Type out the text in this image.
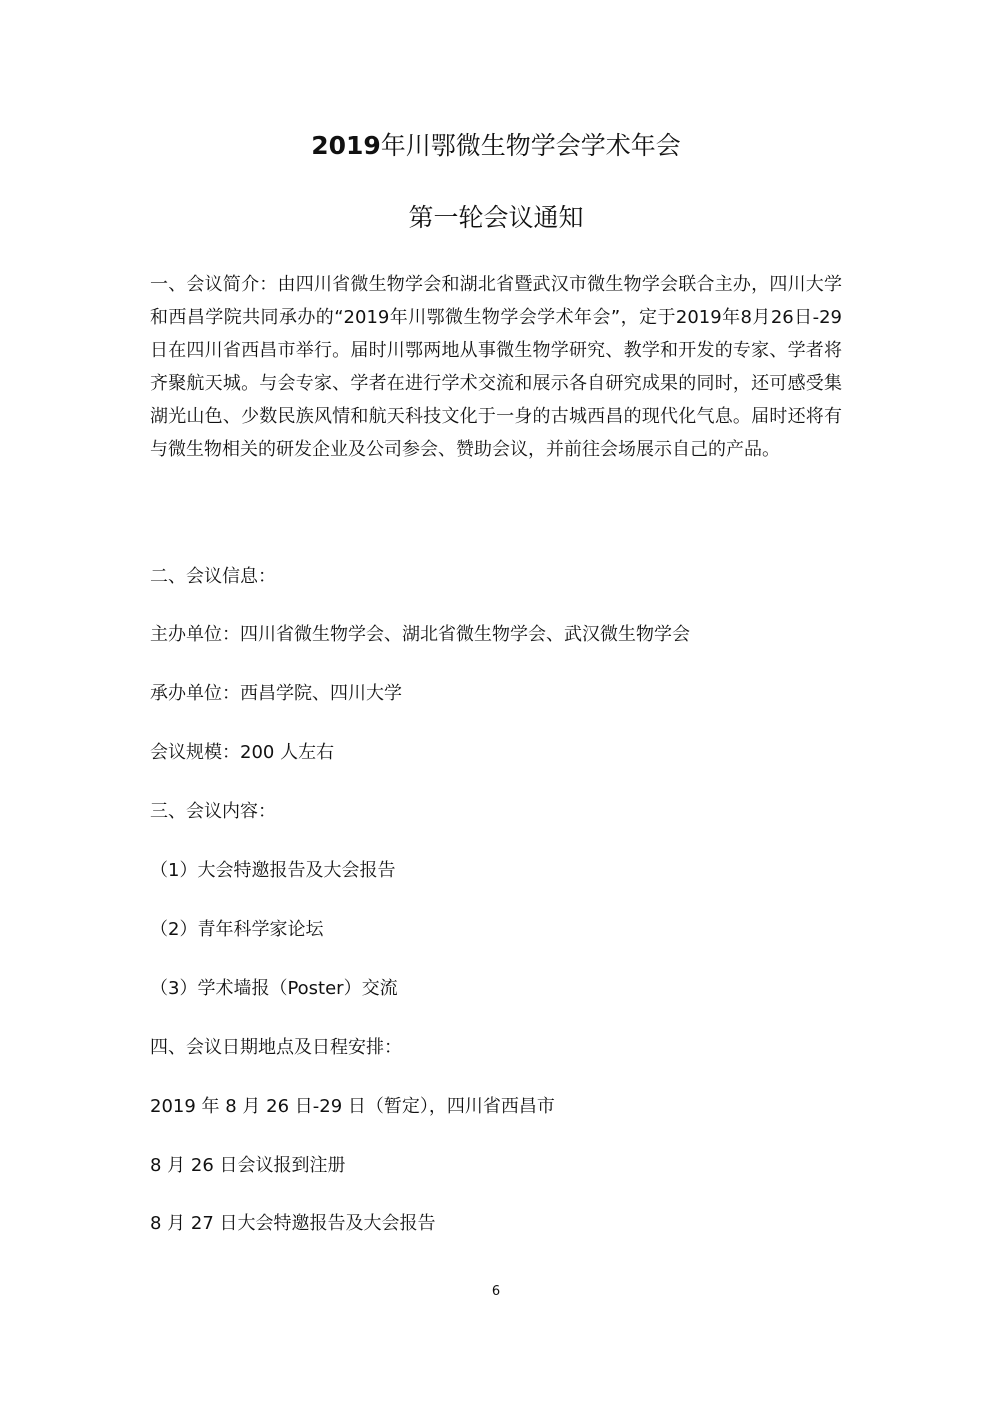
2019年川鄂微生物学会学术年会
第一轮会议通知

一、会议简介：由四川省微生物学会和湖北省暨武汉市微生物学会联合主办，四川大学和西昌学院共同承办的“2019年川鄂微生物学会学术年会”，定于2019年8月26日-29日在四川省西昌市举行。届时川鄂两地从事微生物学研究、教学和开发的专家、学者将齐聚航天城。与会专家、学者在进行学术交流和展示各自研究成果的同时，还可感受集湖光山色、少数民族风情和航天科技文化于一身的古城西昌的现代化气息。届时还将有与微生物相关的研发企业及公司参会、赞助会议，并前往会场展示自己的产品。

二、会议信息：

主办单位：四川省微生物学会、湖北省微生物学会、武汉微生物学会

承办单位：西昌学院、四川大学

会议规模：200 人左右

三、会议内容：

（1）大会特邀报告及大会报告

（2）青年科学家论坛

（3）学术墙报（Poster）交流

四、会议日期地点及日程安排：

2019 年 8 月 26 日-29 日（暂定），四川省西昌市

8 月 26 日会议报到注册

8 月 27 日大会特邀报告及大会报告

6
